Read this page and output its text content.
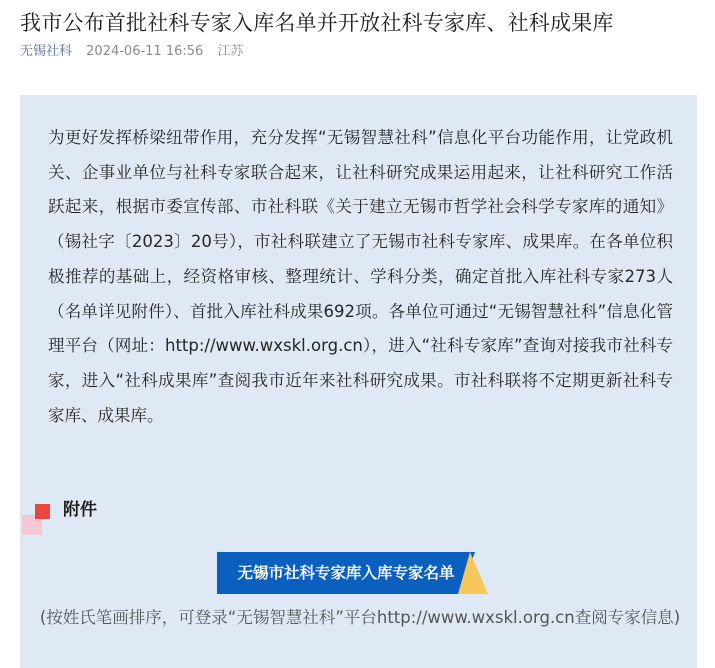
我市公布首批社科专家入库名单并开放社科专家库、社科成果库
无锡社科 2024-06-11 16:56 江苏

为更好发挥桥梁纽带作用，充分发挥“无锡智慧社科”信息化平台功能作用，让党政机关、企事业单位与社科专家联合起来，让社科研究成果运用起来，让社科研究工作活跃起来，根据市委宣传部、市社科联《关于建立无锡市哲学社会科学专家库的通知》（锡社字〔2023〕20号），市社科联建立了无锡市社科专家库、成果库。在各单位积极推荐的基础上，经资格审核、整理统计、学科分类，确定首批入库社科专家273人（名单详见附件）、首批入库社科成果692项。各单位可通过“无锡智慧社科”信息化管理平台（网址：http://www.wxskl.org.cn），进入“社科专家库”查询对接我市社科专家，进入“社科成果库”查阅我市近年来社科研究成果。市社科联将不定期更新社科专家库、成果库。

附件
无锡市社科专家库入库专家名单

(按姓氏笔画排序，可登录“无锡智慧社科”平台http://www.wxskl.org.cn查阅专家信息)
